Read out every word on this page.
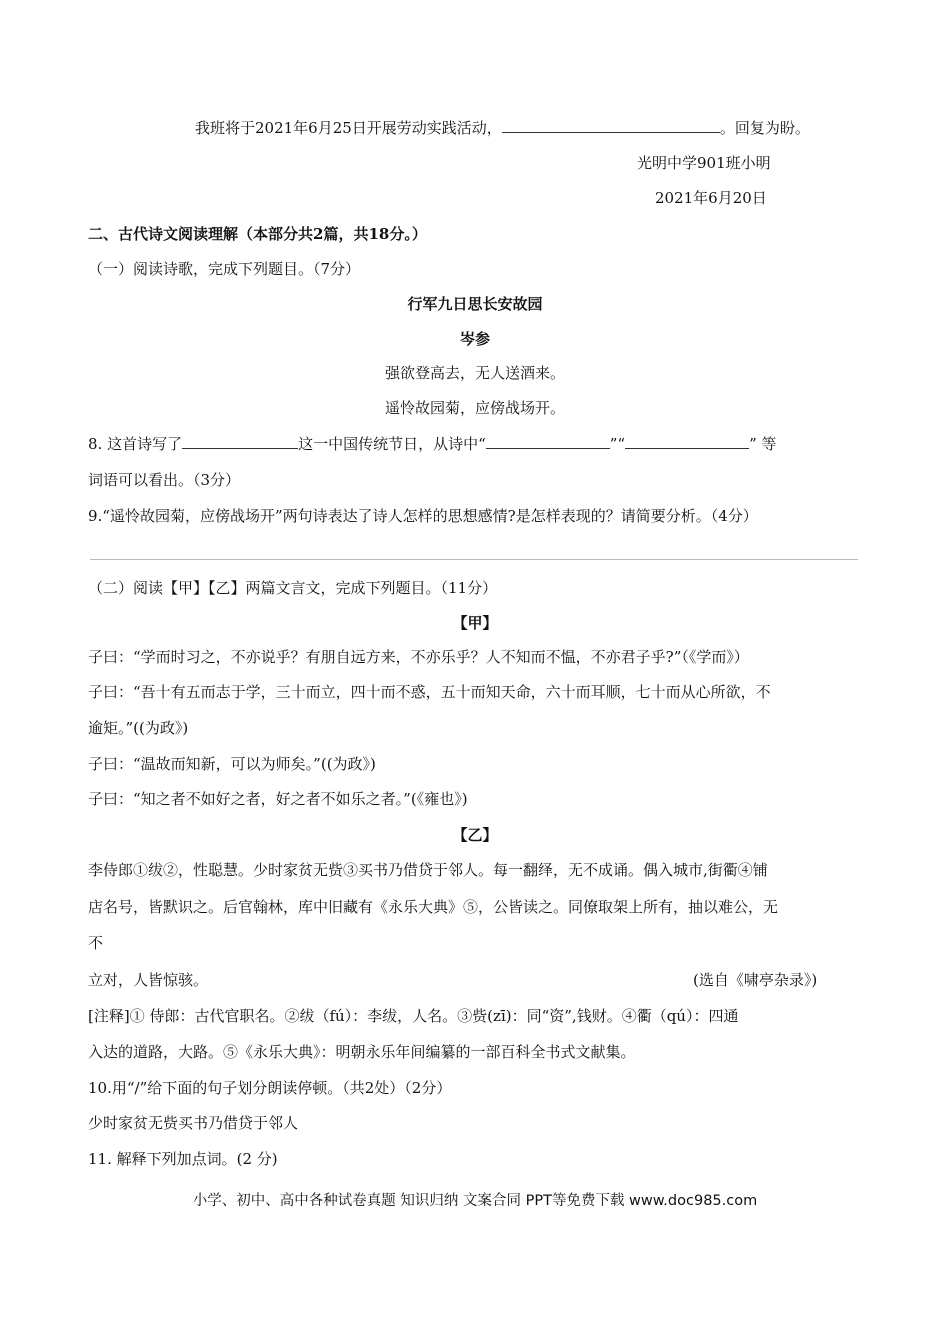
我班将于2021年6月25日开展劳动实践活动，	。回复为盼。
光明中学901班小明
2021年6月20日
二、古代诗文阅读理解（本部分共2篇，共18分。）
（一）阅读诗歌，完成下列题目。（7分）
行军九日思长安故园
岑参
强欲登高去，无人送酒来。
遥怜故园菊，应傍战场开。
8. 这首诗写了	这一中国传统节日，从诗中“	”“	” 等
词语可以看出。（3分）
9.“遥怜故园菊，应傍战场开”两句诗表达了诗人怎样的思想感情?是怎样表现的？请简要分析。（4分）
（二）阅读【甲】【乙】两篇文言文，完成下列题目。（11分）
【甲】
子曰：“学而时习之，不亦说乎？有朋自远方来，不亦乐乎？人不知而不愠，不亦君子乎?”（《学而》）
子曰：“吾十有五而志于学，三十而立，四十而不惑，五十而知天命，六十而耳顺，七十而从心所欲，不
逾矩。”((为政》)
子曰：“温故而知新，可以为师矣。”((为政》)
子曰：“知之者不如好之者，好之者不如乐之者。”(《雍也》)
【乙】
李侍郎①绂②，性聪慧。少时家贫无赀③买书乃借贷于邻人。每一翻绎，无不成诵。偶入城市,街衢④铺
店名号，皆默识之。后官翰林，库中旧藏有《永乐大典》⑤，公皆读之。同僚取架上所有，抽以难公，无
不
立对，人皆惊骇。	(选自《啸亭杂录》)
[注释]① 侍郎：古代官职名。②绂（fú）：李绂，人名。③赀(zī)：同“资”,钱财。④衢（qú）：四通
入达的道路，大路。⑤《永乐大典》：明朝永乐年间编纂的一部百科全书式文献集。
10.用“/”给下面的句子划分朗读停顿。（共2处）（2分）
少时家贫无赀买书乃借贷于邻人
11. 解释下列加点词。(2 分)
小学、初中、高中各种试卷真题 知识归纳 文案合同 PPT等免费下载 www.doc985.com
